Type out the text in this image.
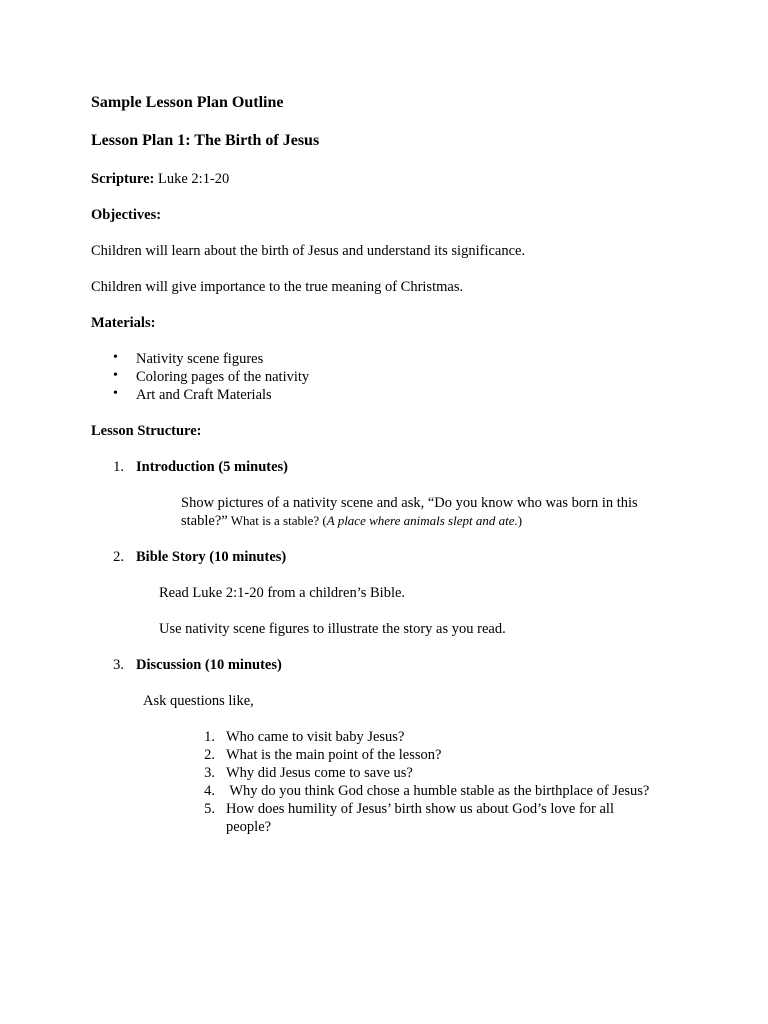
Sample Lesson Plan Outline
Lesson Plan 1: The Birth of Jesus
Scripture: Luke 2:1-20
Objectives:
Children will learn about the birth of Jesus and understand its significance.
Children will give importance to the true meaning of Christmas.
Materials:
• Nativity scene figures
• Coloring pages of the nativity
• Art and Craft Materials
Lesson Structure:
1. Introduction (5 minutes)
Show pictures of a nativity scene and ask, “Do you know who was born in this
stable?” What is a stable? (A place where animals slept and ate.)
2. Bible Story (10 minutes)
Read Luke 2:1-20 from a children’s Bible.
Use nativity scene figures to illustrate the story as you read.
3. Discussion (10 minutes)
Ask questions like,
1. Who came to visit baby Jesus?
2. What is the main point of the lesson?
3. Why did Jesus come to save us?
4. Why do you think God chose a humble stable as the birthplace of Jesus?
5. How does humility of Jesus’ birth show us about God’s love for all
people?
